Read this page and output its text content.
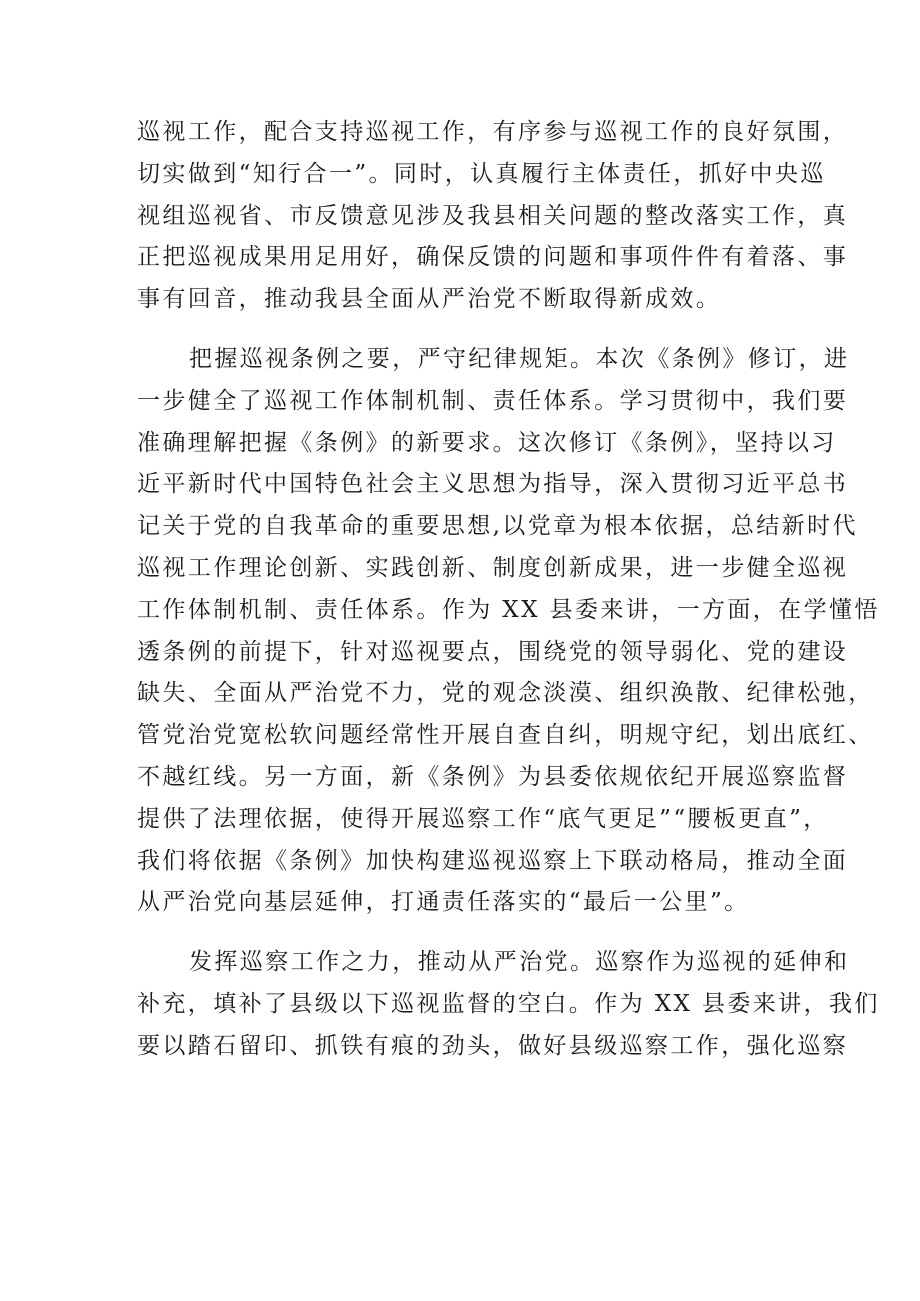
巡视工作，配合支持巡视工作，有序参与巡视工作的良好氛围，
切实做到“知行合一”。同时，认真履行主体责任，抓好中央巡
视组巡视省、市反馈意见涉及我县相关问题的整改落实工作，真
正把巡视成果用足用好，确保反馈的问题和事项件件有着落、事
事有回音，推动我县全面从严治党不断取得新成效。
把握巡视条例之要，严守纪律规矩。本次《条例》修订，进
一步健全了巡视工作体制机制、责任体系。学习贯彻中，我们要
准确理解把握《条例》的新要求。这次修订《条例》，坚持以习
近平新时代中国特色社会主义思想为指导，深入贯彻习近平总书
记关于党的自我革命的重要思想,以党章为根本依据，总结新时代
巡视工作理论创新、实践创新、制度创新成果，进一步健全巡视
工作体制机制、责任体系。作为 XX 县委来讲，一方面，在学懂悟
透条例的前提下，针对巡视要点，围绕党的领导弱化、党的建设
缺失、全面从严治党不力，党的观念淡漠、组织涣散、纪律松弛，
管党治党宽松软问题经常性开展自查自纠，明规守纪，划出底红、
不越红线。另一方面，新《条例》为县委依规依纪开展巡察监督
提供了法理依据，使得开展巡察工作“底气更足”“腰板更直”，
我们将依据《条例》加快构建巡视巡察上下联动格局，推动全面
从严治党向基层延伸，打通责任落实的“最后一公里”。
发挥巡察工作之力，推动从严治党。巡察作为巡视的延伸和
补充，填补了县级以下巡视监督的空白。作为 XX 县委来讲，我们
要以踏石留印、抓铁有痕的劲头，做好县级巡察工作，强化巡察
